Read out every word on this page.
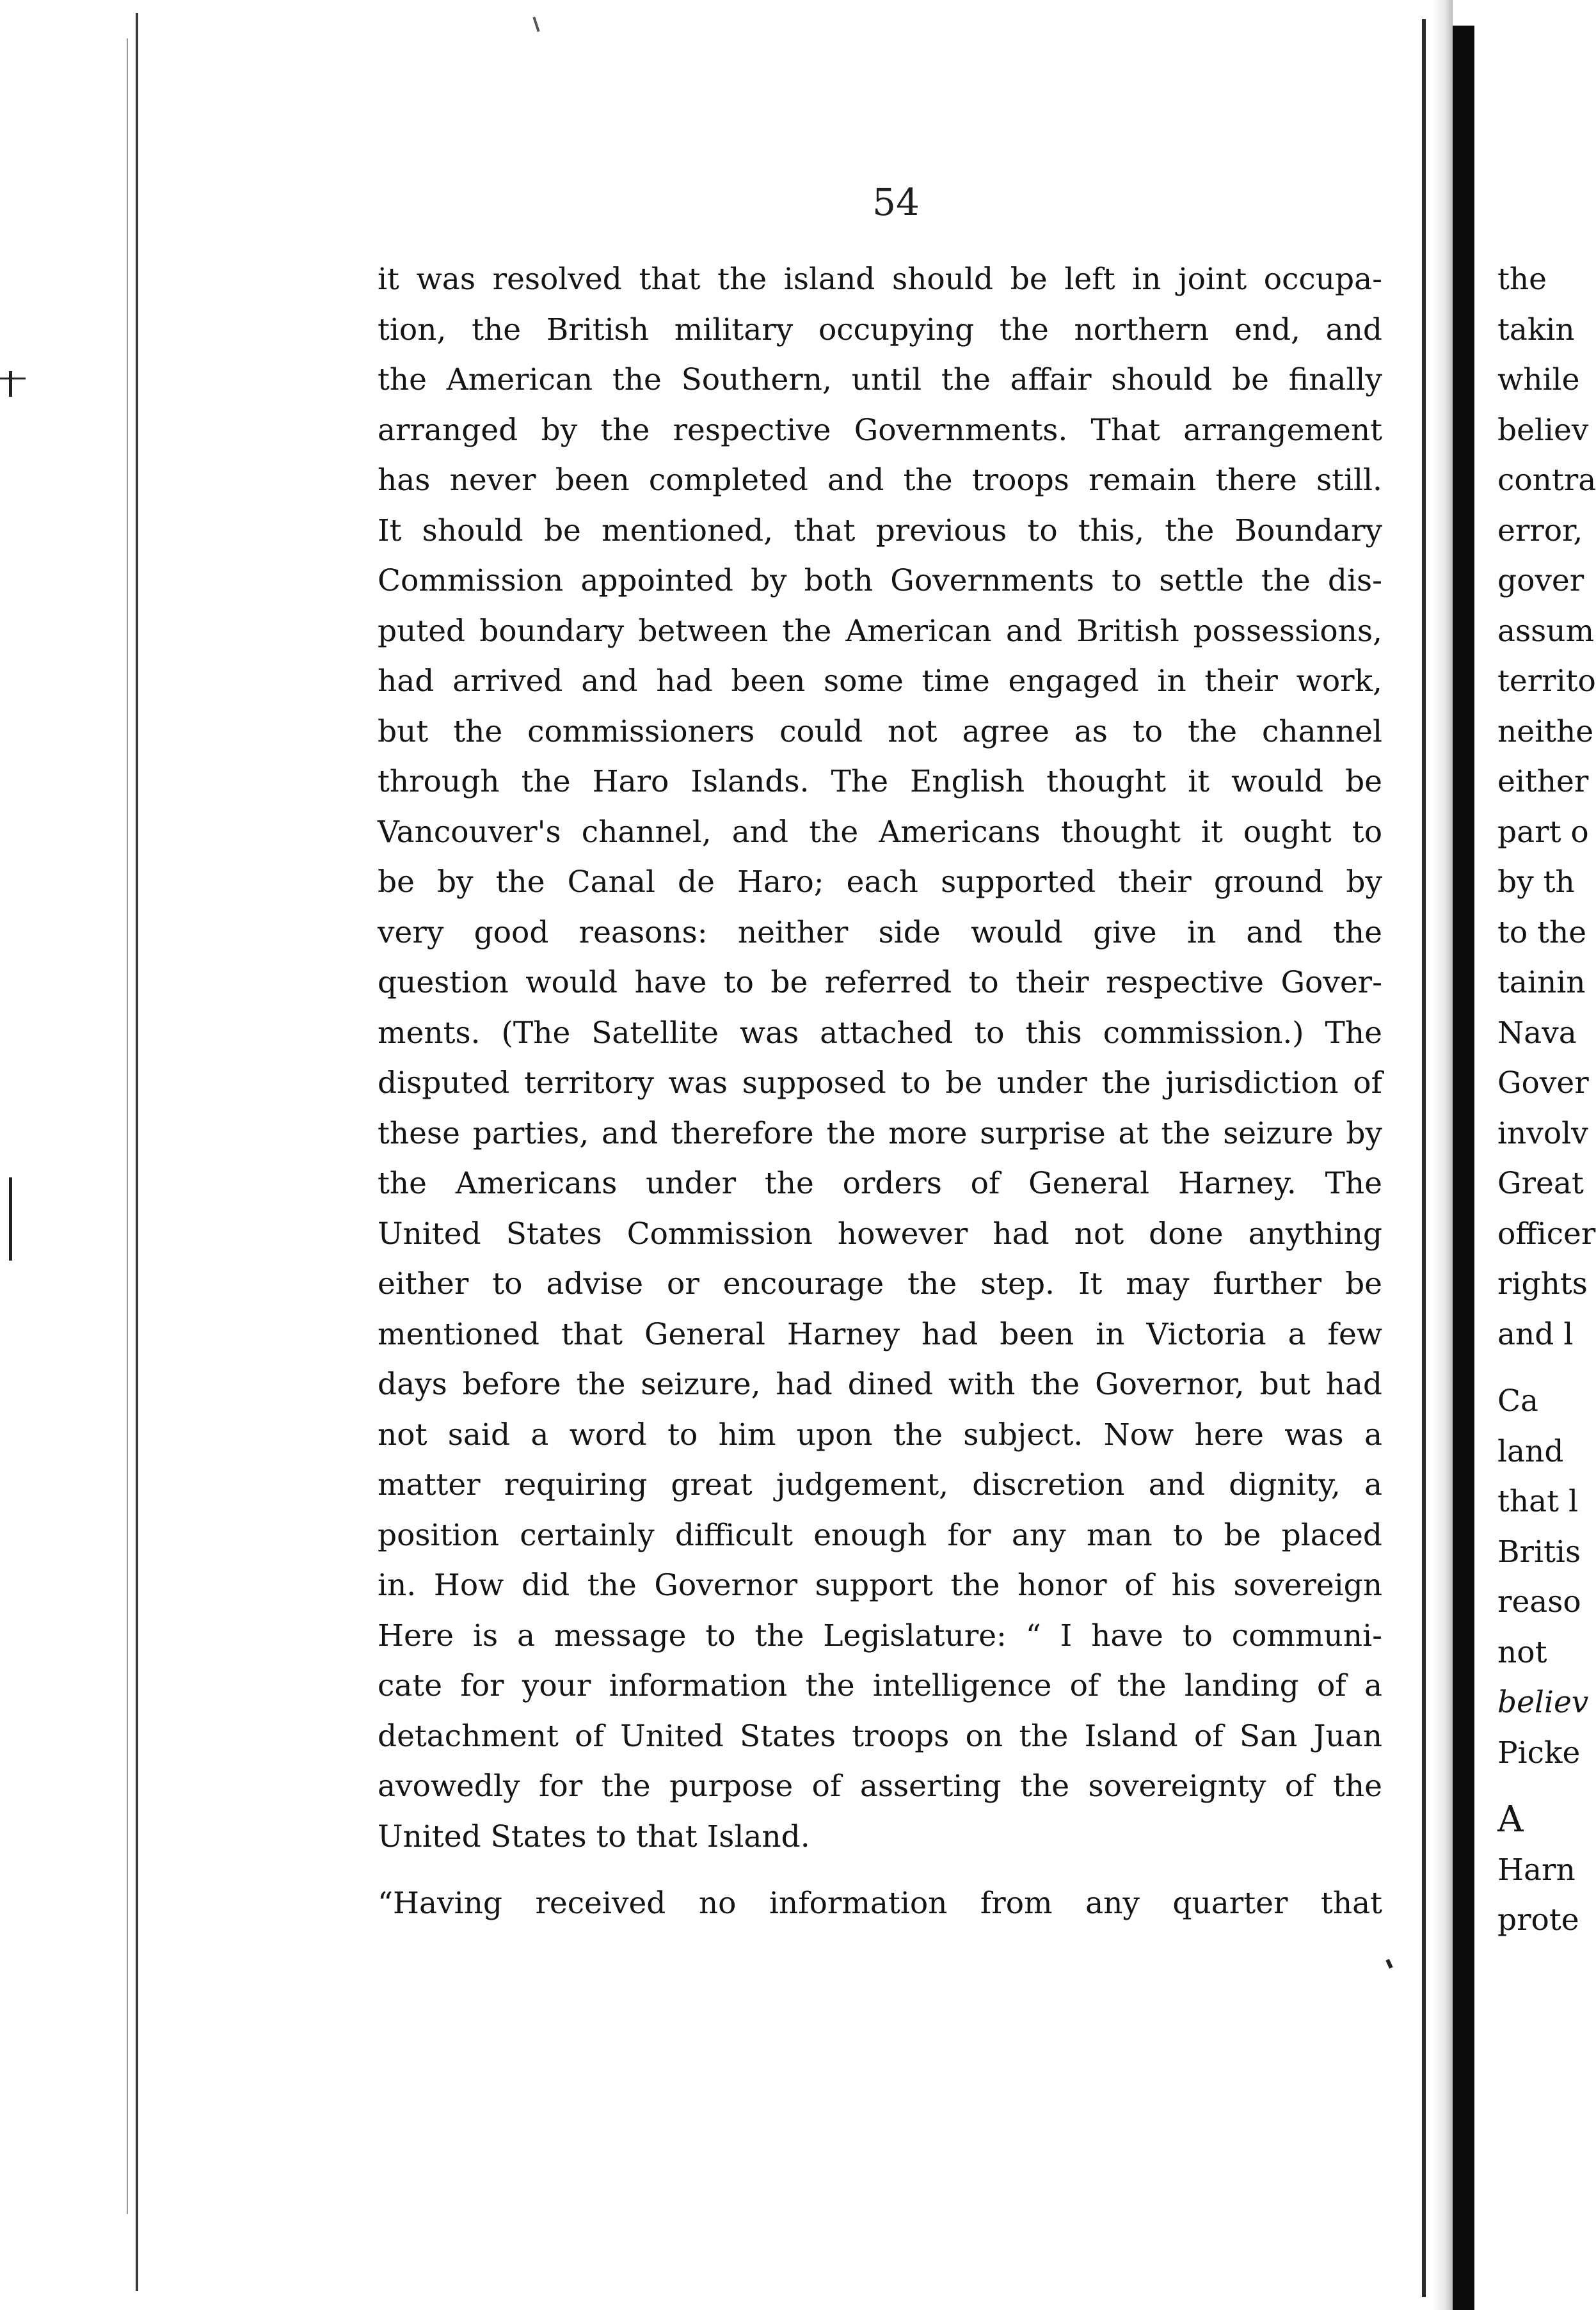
54
it was resolved that the island should be left in joint occupa-
tion, the British military occupying the northern end, and
the American the Southern, until the affair should be finally
arranged by the respective Governments. That arrangement
has never been completed and the troops remain there still.
It should be mentioned, that previous to this, the Boundary
Commission appointed by both Governments to settle the dis-
puted boundary between the American and British possessions,
had arrived and had been some time engaged in their work,
but the commissioners could not agree as to the channel
through the Haro Islands. The English thought it would be
Vancouver's channel, and the Americans thought it ought to
be by the Canal de Haro; each supported their ground by
very good reasons: neither side would give in and the
question would have to be referred to their respective Gover-
ments. (The Satellite was attached to this commission.) The
disputed territory was supposed to be under the jurisdiction of
these parties, and therefore the more surprise at the seizure by
the Americans under the orders of General Harney. The
United States Commission however had not done anything
either to advise or encourage the step. It may further be
mentioned that General Harney had been in Victoria a few
days before the seizure, had dined with the Governor, but had
not said a word to him upon the subject. Now here was a
matter requiring great judgement, discretion and dignity, a
position certainly difficult enough for any man to be placed
in. How did the Governor support the honor of his sovereign
Here is a message to the Legislature: “ I have to communi-
cate for your information the intelligence of the landing of a
detachment of United States troops on the Island of San Juan
avowedly for the purpose of asserting the sovereignty of the
United States to that Island.
“Having received no information from any quarter that
the
takin
while
believ
contra
error,
gover
assum
territo
neithe
either
part o
by th
to the
tainin
Nava
Gover
involv
Great
officer
rights
and l
Ca
land
that l
Britis
reaso
not
believ
Picke
A
Harn
prote
